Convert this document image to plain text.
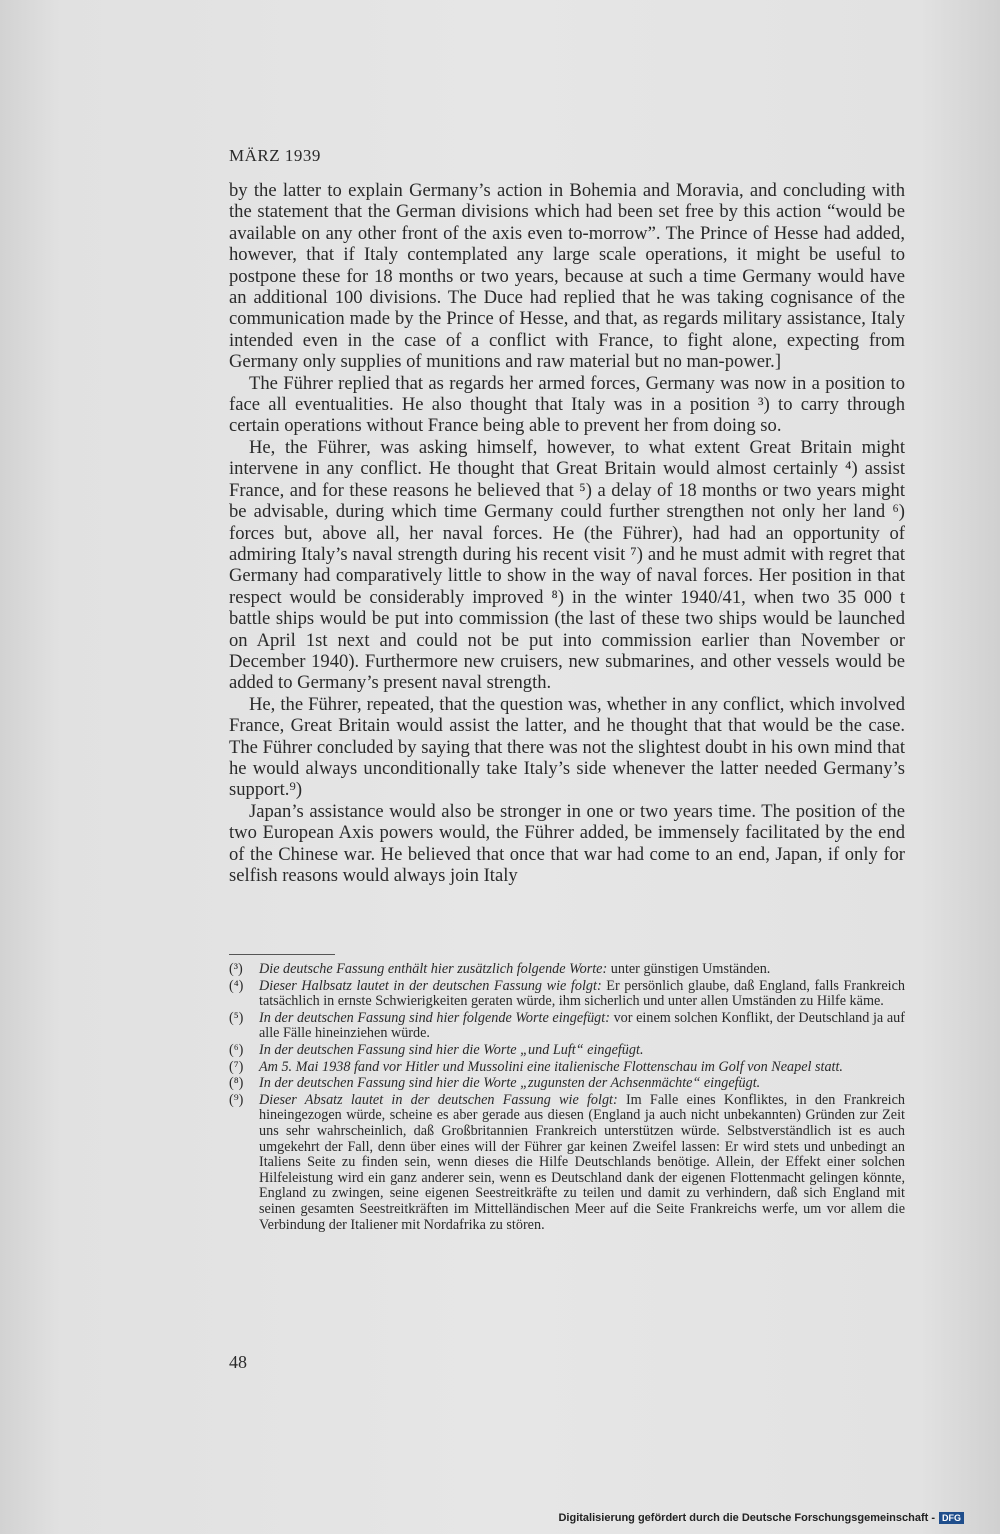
MÄRZ 1939

by the latter to explain Germany’s action in Bohemia and Moravia, and concluding with the statement that the German divisions which had been set free by this action “would be available on any other front of the axis even to-morrow”. The Prince of Hesse had added, however, that if Italy contemplated any large scale operations, it might be useful to postpone these for 18 months or two years, because at such a time Germany would have an additional 100 divisions. The Duce had replied that he was taking cognisance of the communication made by the Prince of Hesse, and that, as regards military assistance, Italy intended even in the case of a conflict with France, to fight alone, expecting from Germany only supplies of munitions and raw material but no man-power.]

The Führer replied that as regards her armed forces, Germany was now in a position to face all eventualities. He also thought that Italy was in a position ³) to carry through certain operations without France being able to prevent her from doing so.

He, the Führer, was asking himself, however, to what extent Great Britain might intervene in any conflict. He thought that Great Britain would almost certainly ⁴) assist France, and for these reasons he believed that ⁵) a delay of 18 months or two years might be advisable, during which time Germany could further strengthen not only her land ⁶) forces but, above all, her naval forces. He (the Führer), had had an opportunity of admiring Italy’s naval strength during his recent visit ⁷) and he must admit with regret that Germany had comparatively little to show in the way of naval forces. Her position in that respect would be considerably improved ⁸) in the winter 1940/41, when two 35 000 t battle ships would be put into commission (the last of these two ships would be launched on April 1st next and could not be put into commission earlier than November or December 1940). Furthermore new cruisers, new submarines, and other vessels would be added to Germany’s present naval strength.

He, the Führer, repeated, that the question was, whether in any conflict, which involved France, Great Britain would assist the latter, and he thought that that would be the case. The Führer concluded by saying that there was not the slightest doubt in his own mind that he would always unconditionally take Italy’s side whenever the latter needed Germany’s support.⁹)

Japan’s assistance would also be stronger in one or two years time. The position of the two European Axis powers would, the Führer added, be immensely facilitated by the end of the Chinese war. He believed that once that war had come to an end, Japan, if only for selfish reasons would always join Italy

(³) Die deutsche Fassung enthält hier zusätzlich folgende Worte: unter günstigen Umständen.
(⁴) Dieser Halbsatz lautet in der deutschen Fassung wie folgt: Er persönlich glaube, daß England, falls Frankreich tatsächlich in ernste Schwierigkeiten geraten würde, ihm sicherlich und unter allen Umständen zu Hilfe käme.
(⁵) In der deutschen Fassung sind hier folgende Worte eingefügt: vor einem solchen Konflikt, der Deutschland ja auf alle Fälle hineinziehen würde.
(⁶) In der deutschen Fassung sind hier die Worte „und Luft“ eingefügt.
(⁷) Am 5. Mai 1938 fand vor Hitler und Mussolini eine italienische Flottenschau im Golf von Neapel statt.
(⁸) In der deutschen Fassung sind hier die Worte „zugunsten der Achsenmächte“ eingefügt.
(⁹) Dieser Absatz lautet in der deutschen Fassung wie folgt: Im Falle eines Konfliktes, in den Frankreich hineingezogen würde, scheine es aber gerade aus diesen (England ja auch nicht unbekannten) Gründen zur Zeit uns sehr wahrscheinlich, daß Großbritannien Frankreich unterstützen würde. Selbstverständlich ist es auch umgekehrt der Fall, denn über eines will der Führer gar keinen Zweifel lassen: Er wird stets und unbedingt an Italiens Seite zu finden sein, wenn dieses die Hilfe Deutschlands benötige. Allein, der Effekt einer solchen Hilfeleistung wird ein ganz anderer sein, wenn es Deutschland dank der eigenen Flottenmacht gelingen könnte, England zu zwingen, seine eigenen Seestreitkräfte zu teilen und damit zu verhindern, daß sich England mit seinen gesamten Seestreitkräften im Mittelländischen Meer auf die Seite Frankreichs werfe, um vor allem die Verbindung der Italiener mit Nordafrika zu stören.
48
Digitalisierung gefördert durch die Deutsche Forschungsgemeinschaft - DFG
